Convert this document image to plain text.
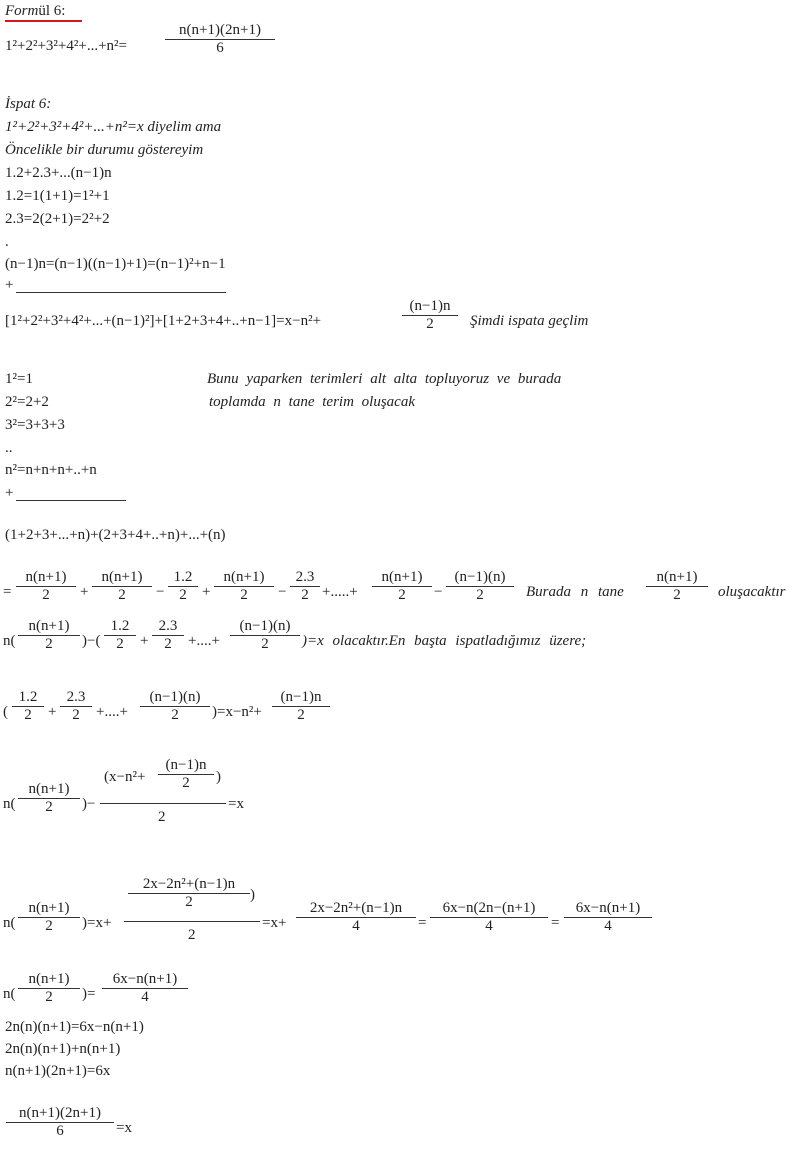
Formül 6:
1²+2²+3²+4²+...+n²=
n(n+1)(2n+1)
6
İspat 6:
1²+2²+3²+4²+...+n²=x diyelim ama
Öncelikle bir durumu göstereyim
1.2+2.3+...(n−1)n
1.2=1(1+1)=1²+1
2.3=2(2+1)=2²+2
.
(n−1)n=(n−1)((n−1)+1)=(n−1)²+n−1
+
[1²+2²+3²+4²+...+(n−1)²]+[1+2+3+4+..+n−1]=x−n²+
(n−1)n
2	Şimdi ispata geçlim
1²=1
2²=2+2
3²=3+3+3
..
n²=n+n+n+..+n
+
Bunu yaparken terimleri alt alta topluyoruz ve burada
toplamda n tane terim oluşacak
(1+2+3+...+n)+(2+3+4+..+n)+...+(n)
=
n(n+1)
2	+
n(n+1)
2	−
1.2
2	+
n(n+1)
2	−
2.3
2 +.....+
n(n+1)
2	−
(n−1)(n)
2	Burada n tane
n(n+1)
2	oluşacaktır
n(
n(n+1)
2	)−(
1.2
2	+
2.3
2	+....+
(n−1)(n)
2	)=x olacaktır.En başta ispatladığımız üzere;
(
1.2
2	+
2.3
2	+....+
(n−1)(n)
2	)=x−n²+
(n−1)n
2
n(
n(n+1)
2	)−
(x−n²+
(n−1)n
2	)
2
=x
n(
n(n+1)
2	)=x+
2x−2n²+(n−1)n
2	)
2
=x+
2x−2n²+(n−1)n
4	=
6x−n(2n−(n+1)
4	=
6x−n(n+1)
4
n(
n(n+1)
2	)=
6x−n(n+1)
4
2n(n)(n+1)=6x−n(n+1)
2n(n)(n+1)+n(n+1)
n(n+1)(2n+1)=6x
n(n+1)(2n+1)
6	=x
